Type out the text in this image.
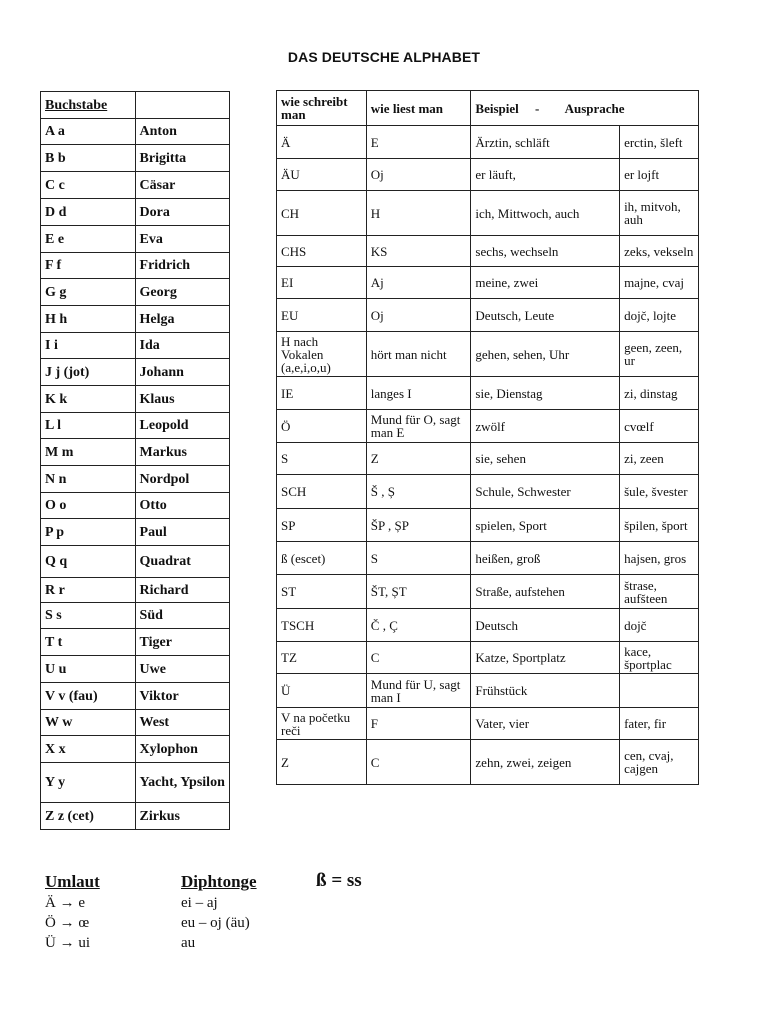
DAS DEUTSCHE ALPHABET
Buchstabe	
A a	Anton
B b	Brigitta
C c	Cäsar
D d	Dora
E e	Eva
F f	Fridrich
G g	Georg
H h	Helga
I i	Ida
J j (jot)	Johann
K k	Klaus
L l	Leopold
M m	Markus
N n	Nordpol
O o	Otto
P p	Paul
Q q	Quadrat
R r	Richard
S s	Süd
T t	Tiger
U u	Uwe
V v (fau)	Viktor
W w	West
X x	Xylophon
Y y	Yacht, Ypsilon
Z z (cet)	Zirkus
wie schreibt man	wie liest man	Beispiel     -        Ausprache	
Ä	E	Ärztin, schläft	erctin, šleft
ÄU	Oj	er läuft,	er lojft
CH	H	ich, Mittwoch, auch	ih, mitvoh, auh
CHS	KS	sechs, wechseln	zeks, vekseln
EI	Aj	meine, zwei	majne, cvaj
EU	Oj	Deutsch, Leute	dojč, lojte
H nach Vokalen (a,e,i,o,u)	hört man nicht	gehen, sehen, Uhr	geen, zeen, ur
IE	langes I	sie, Dienstag	zi, dinstag
Ö	Mund für O, sagt man E	zwölf	cvœlf
S	Z	sie, sehen	zi, zeen
SCH	Š , Ș	Schule, Schwester	šule, švester
SP	ŠP , ȘP	spielen, Sport	špilen, šport
ß (escet)	S	heißen, groß	hajsen, gros
ST	ŠT, ȘT	Straße, aufstehen	štrase, aufšteen
TSCH	Č , Ç	Deutsch	dojč
TZ	C	Katze, Sportplatz	kace, športplac
Ü	Mund für U, sagt man I	Frühstück	
V na početku reči	F	Vater, vier	fater, fir
Z	C	zehn, zwei, zeigen	cen, cvaj, cajgen
Umlaut
Ä → e
Ö → œ
Ü → ui
Diphtonge
ei – aj
eu – oj (äu)
au
ß = ss
